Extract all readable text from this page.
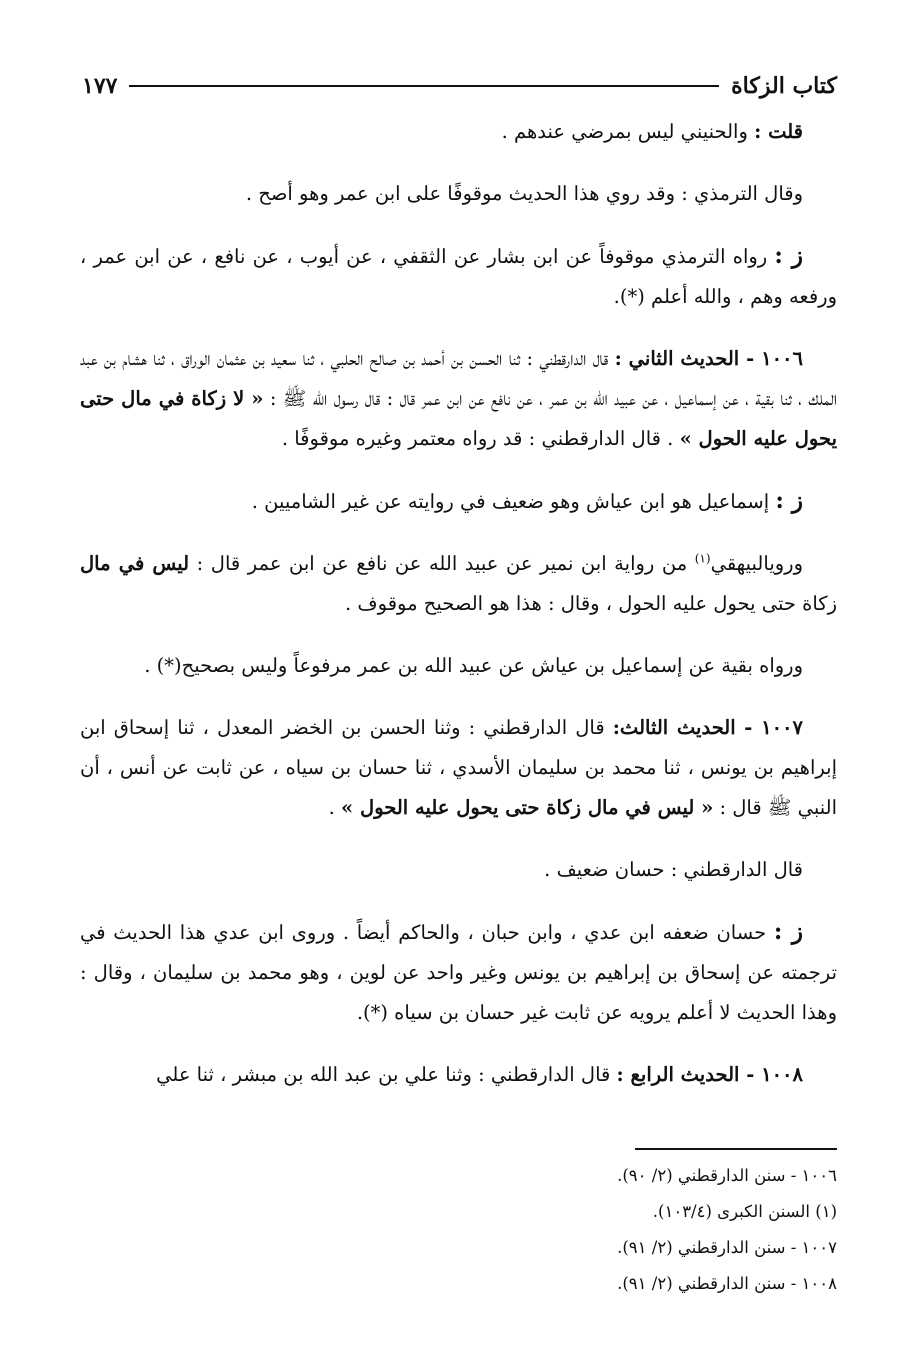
كتاب الزكاة
١٧٧

قلت : والحنيني ليس بمرضي عندهم .

وقال الترمذي : وقد روي هذا الحديث موقوفًا على ابن عمر وهو أصح .

ز : رواه الترمذي موقوفاً عن ابن بشار عن الثقفي ، عن أيوب ، عن نافع ، عن ابن عمر ، ورفعه وهم ، والله أعلم (*).

١٠٠٦ - الحديث الثاني : قال الدارقطني : ثنا الحسن بن أحمد بن صالح الحلبي ، ثنا سعيد بن عثمان الوراق ، ثنا هشام بن عبد الملك ، ثنا بقية ، عن إسماعيل ، عن عبيد الله بن عمر ، عن نافع عن ابن عمر قال : قال رسول الله ﷺ : « لا زكاة في مال حتى يحول عليه الحول » . قال الدارقطني : قد رواه معتمر وغيره موقوفًا .

ز : إسماعيل هو ابن عياش وهو ضعيف في روايته عن غير الشاميين .

ورويالبيهقي$^{(١)}$ من رواية ابن نمير عن عبيد الله عن نافع عن ابن عمر قال : ليس في مال زكاة حتى يحول عليه الحول ، وقال : هذا هو الصحيح موقوف .

ورواه بقية عن إسماعيل بن عياش عن عبيد الله بن عمر مرفوعاً وليس بصحيح(*) .

١٠٠٧ - الحديث الثالث: قال الدارقطني : وثنا الحسن بن الخضر المعدل ، ثنا إسحاق ابن إبراهيم بن يونس ، ثنا محمد بن سليمان الأسدي ، ثنا حسان بن سياه ، عن ثابت عن أنس ، أن النبي ﷺ قال : « ليس في مال زكاة حتى يحول عليه الحول » .

قال الدارقطني : حسان ضعيف .

ز : حسان ضعفه ابن عدي ، وابن حبان ، والحاكم أيضاً . وروى ابن عدي هذا الحديث في ترجمته عن إسحاق بن إبراهيم بن يونس وغير واحد عن لوين ، وهو محمد بن سليمان ، وقال : وهذا الحديث لا أعلم يرويه عن ثابت غير حسان بن سياه (*).

١٠٠٨ - الحديث الرابع : قال الدارقطني : وثنا علي بن عبد الله بن مبشر ، ثنا علي

١٠٠٦ - سنن الدارقطني (٢/ ٩٠).
(١) السنن الكبرى (١٠٣/٤).
١٠٠٧ - سنن الدارقطني (٢/ ٩١).
١٠٠٨ - سنن الدارقطني (٢/ ٩١).
